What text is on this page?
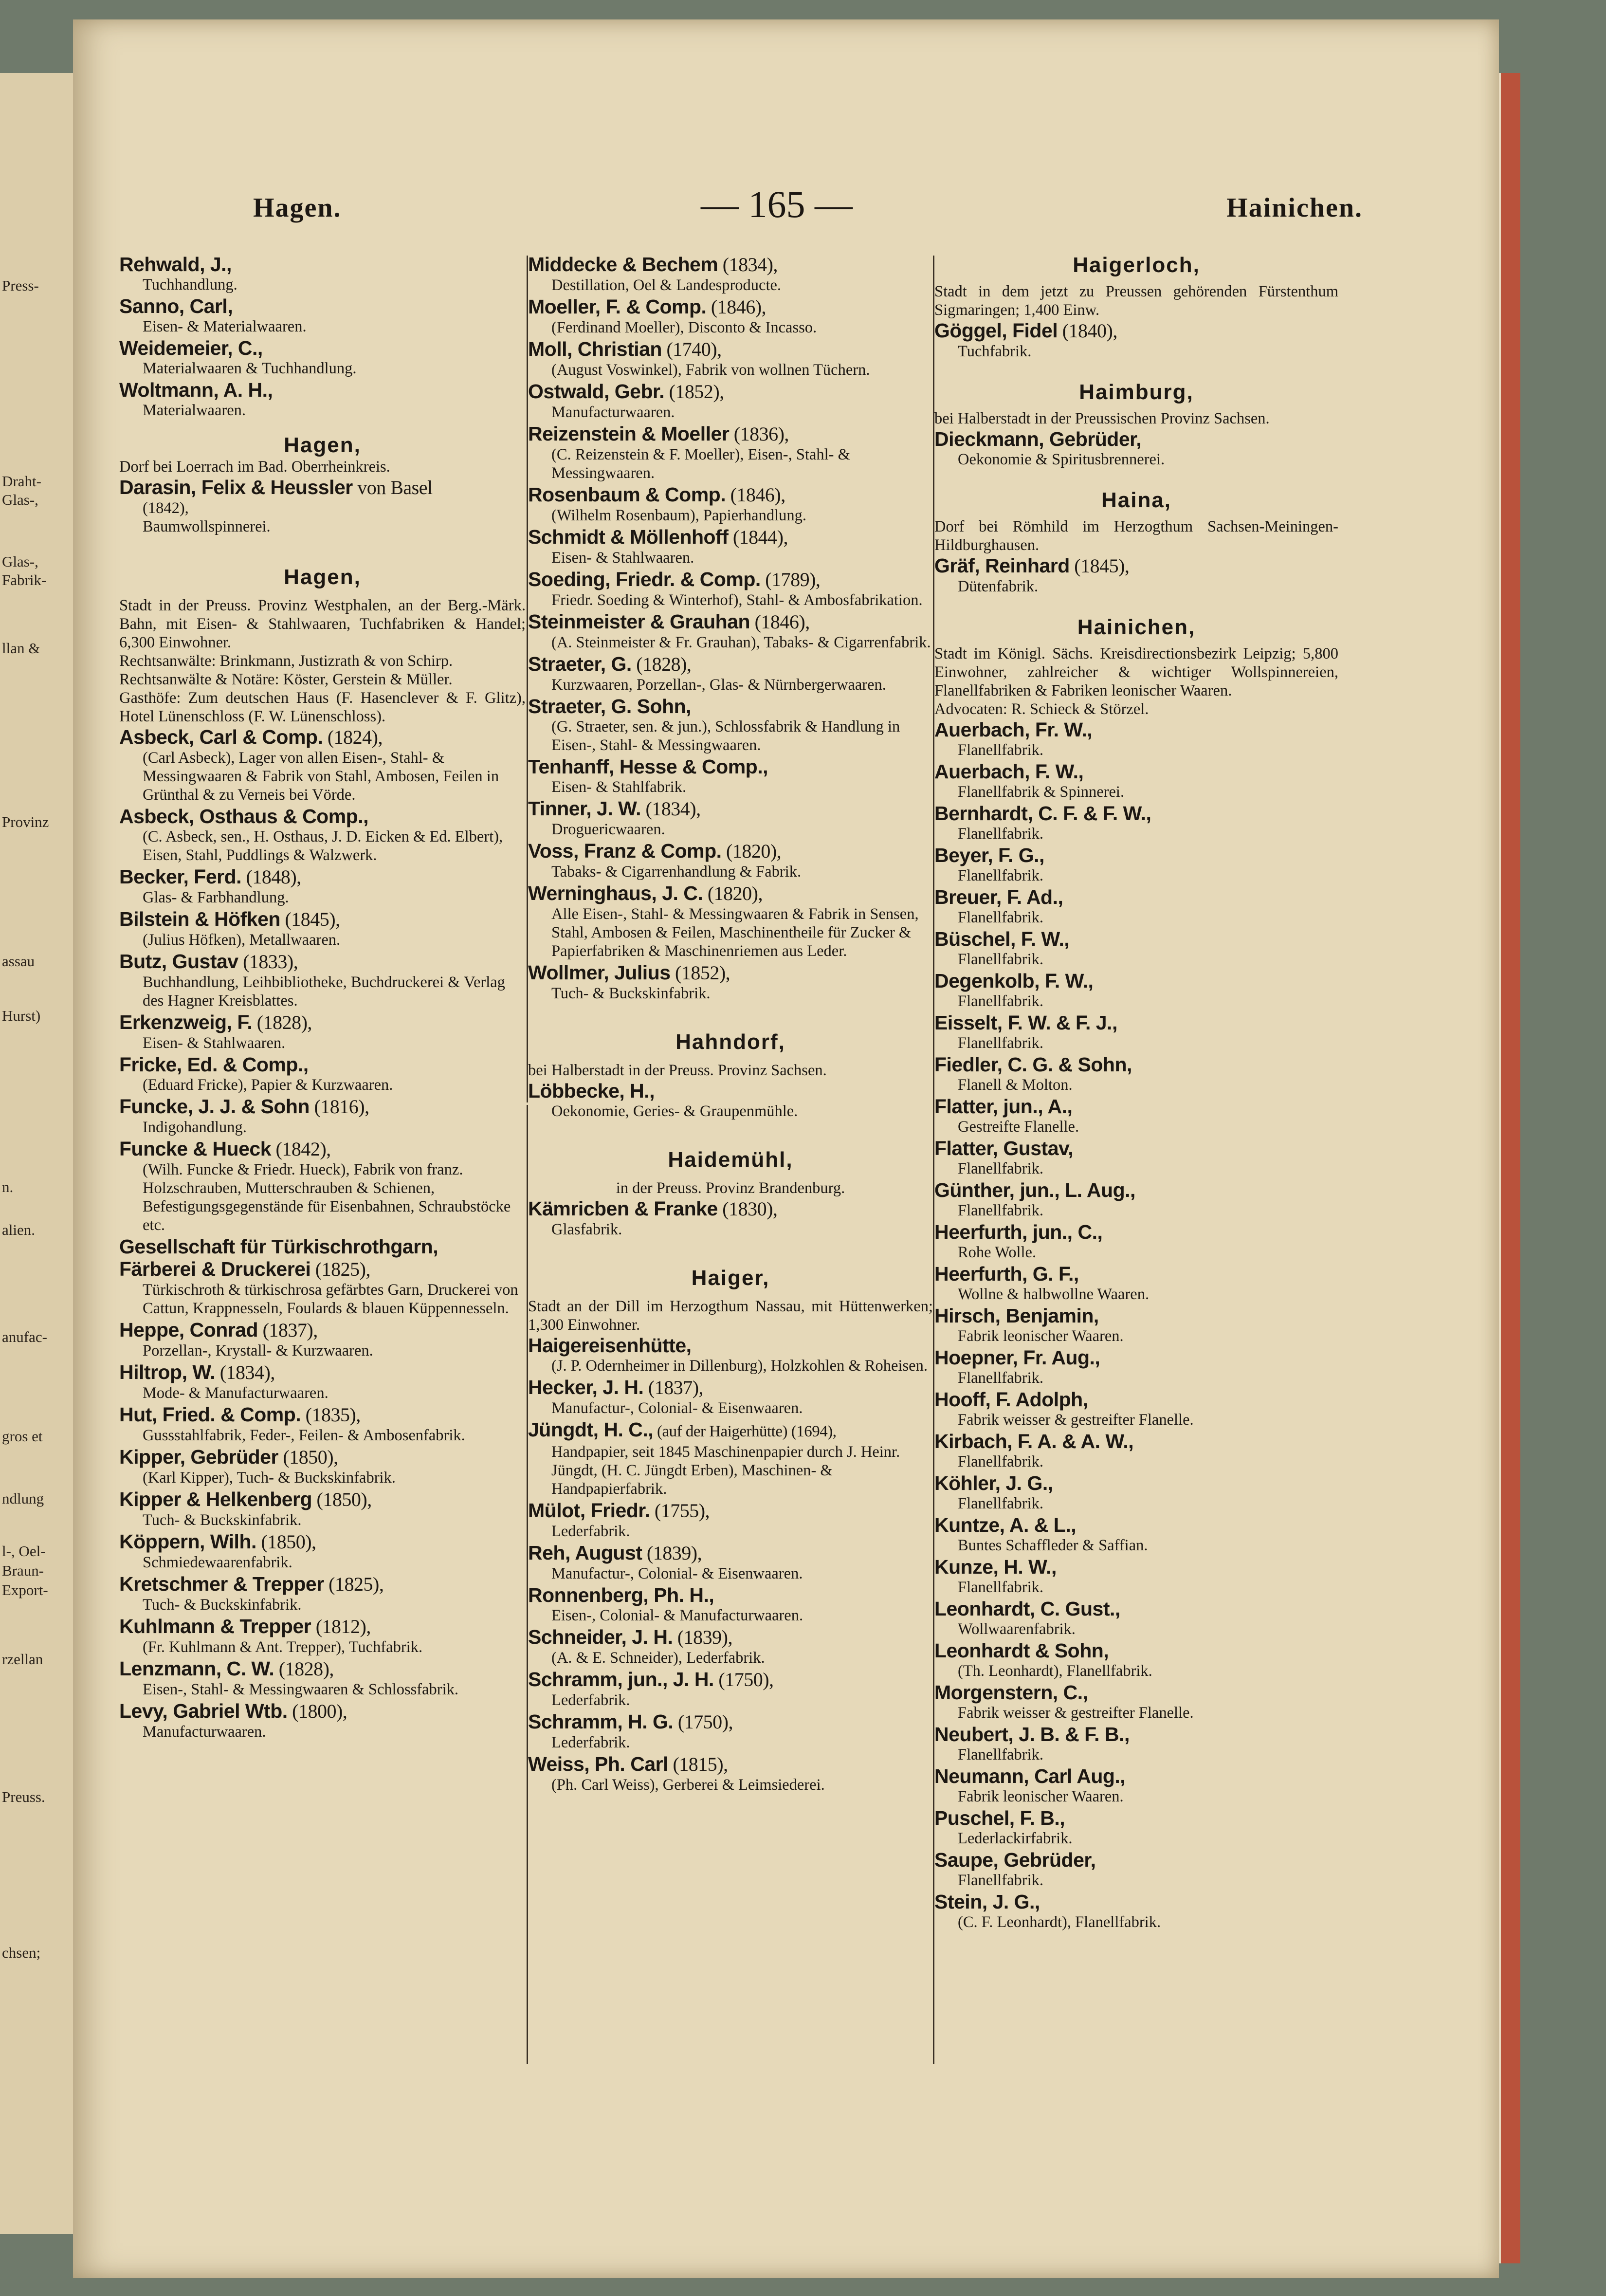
Press-
Draht-
Glas-,
Glas-,
Fabrik-
llan &
Provinz
assau
Hurst)
n.
alien.
anufac-
gros et
ndlung
l-, Oel-
Braun-
Export-
rzellan
Preuss.
chsen;
Hagen.	— 165 —	Hainichen.
Rehwald, J.,
Tuchhandlung.
Sanno, Carl,
Eisen- & Materialwaaren.
Weidemeier, C.,
Materialwaaren & Tuchhandlung.
Woltmann, A. H.,
Materialwaaren.
Hagen,
Dorf bei Loerrach im Bad. Oberrheinkreis.
Darasin, Felix & Heussler von Basel
(1842),
Baumwollspinnerei.
Hagen,
Stadt in der Preuss. Provinz Westphalen, an der Berg.-Märk. Bahn, mit Eisen- & Stahlwaaren, Tuchfabriken & Handel; 6,300 Einwohner.
Rechtsanwälte: Brinkmann, Justizrath & von Schirp.
Rechtsanwälte & Notäre: Köster, Gerstein & Müller.
Gasthöfe: Zum deutschen Haus (F. Hasenclever & F. Glitz), Hotel Lünenschloss (F. W. Lünenschloss).
Asbeck, Carl & Comp. (1824),
(Carl Asbeck), Lager von allen Eisen-, Stahl- & Messingwaaren & Fabrik von Stahl, Ambosen, Feilen in Grünthal & zu Verneis bei Vörde.
Asbeck, Osthaus & Comp.,
(C. Asbeck, sen., H. Osthaus, J. D. Eicken & Ed. Elbert), Eisen, Stahl, Puddlings & Walzwerk.
Becker, Ferd. (1848),
Glas- & Farbhandlung.
Bilstein & Höfken (1845),
(Julius Höfken), Metallwaaren.
Butz, Gustav (1833),
Buchhandlung, Leihbibliotheke, Buchdruckerei & Verlag des Hagner Kreisblattes.
Erkenzweig, F. (1828),
Eisen- & Stahlwaaren.
Fricke, Ed. & Comp.,
(Eduard Fricke), Papier & Kurzwaaren.
Funcke, J. J. & Sohn (1816),
Indigohandlung.
Funcke & Hueck (1842),
(Wilh. Funcke & Friedr. Hueck), Fabrik von franz. Holzschrauben, Mutterschrauben & Schienen, Befestigungsgegenstände für Eisenbahnen, Schraubstöcke etc.
Gesellschaft für Türkischrothgarn,
Färberei & Druckerei (1825),
Türkischroth & türkischrosa gefärbtes Garn, Druckerei von Cattun, Krappnesseln, Foulards & blauen Küppennesseln.
Heppe, Conrad (1837),
Porzellan-, Krystall- & Kurzwaaren.
Hiltrop, W. (1834),
Mode- & Manufacturwaaren.
Hut, Fried. & Comp. (1835),
Gussstahlfabrik, Feder-, Feilen- & Ambosenfabrik.
Kipper, Gebrüder (1850),
(Karl Kipper), Tuch- & Buckskinfabrik.
Kipper & Helkenberg (1850),
Tuch- & Buckskinfabrik.
Köppern, Wilh. (1850),
Schmiedewaarenfabrik.
Kretschmer & Trepper (1825),
Tuch- & Buckskinfabrik.
Kuhlmann & Trepper (1812),
(Fr. Kuhlmann & Ant. Trepper), Tuchfabrik.
Lenzmann, C. W. (1828),
Eisen-, Stahl- & Messingwaaren & Schlossfabrik.
Levy, Gabriel Wtb. (1800),
Manufacturwaaren.
Middecke & Bechem (1834),
Destillation, Oel & Landesproducte.
Moeller, F. & Comp. (1846),
(Ferdinand Moeller), Disconto & Incasso.
Moll, Christian (1740),
(August Voswinkel), Fabrik von wollnen Tüchern.
Ostwald, Gebr. (1852),
Manufacturwaaren.
Reizenstein & Moeller (1836),
(C. Reizenstein & F. Moeller), Eisen-, Stahl- & Messingwaaren.
Rosenbaum & Comp. (1846),
(Wilhelm Rosenbaum), Papierhandlung.
Schmidt & Möllenhoff (1844),
Eisen- & Stahlwaaren.
Soeding, Friedr. & Comp. (1789),
Friedr. Soeding & Winterhof), Stahl- & Ambosfabrikation.
Steinmeister & Grauhan (1846),
(A. Steinmeister & Fr. Grauhan), Tabaks- & Cigarrenfabrik.
Straeter, G. (1828),
Kurzwaaren, Porzellan-, Glas- & Nürnbergerwaaren.
Straeter, G. Sohn,
(G. Straeter, sen. & jun.), Schlossfabrik & Handlung in Eisen-, Stahl- & Messingwaaren.
Tenhanff, Hesse & Comp.,
Eisen- & Stahlfabrik.
Tinner, J. W. (1834),
Droguericwaaren.
Voss, Franz & Comp. (1820),
Tabaks- & Cigarrenhandlung & Fabrik.
Werninghaus, J. C. (1820),
Alle Eisen-, Stahl- & Messingwaaren & Fabrik in Sensen, Stahl, Ambosen & Feilen, Maschinentheile für Zucker & Papierfabriken & Maschinenriemen aus Leder.
Wollmer, Julius (1852),
Tuch- & Buckskinfabrik.
Hahndorf,
bei Halberstadt in der Preuss. Provinz Sachsen.
Löbbecke, H.,
Oekonomie, Geries- & Graupenmühle.
Haidemühl,
in der Preuss. Provinz Brandenburg.
Kämricben & Franke (1830),
Glasfabrik.
Haiger,
Stadt an der Dill im Herzogthum Nassau, mit Hüttenwerken; 1,300 Einwohner.
Haigereisenhütte,
(J. P. Odernheimer in Dillenburg), Holzkohlen & Roheisen.
Hecker, J. H. (1837),
Manufactur-, Colonial- & Eisenwaaren.
Jüngdt, H. C., (auf der Haigerhütte) (1694),
Handpapier, seit 1845 Maschinenpapier durch J. Heinr. Jüngdt, (H. C. Jüngdt Erben), Maschinen- & Handpapierfabrik.
Mülot, Friedr. (1755),
Lederfabrik.
Reh, August (1839),
Manufactur-, Colonial- & Eisenwaaren.
Ronnenberg, Ph. H.,
Eisen-, Colonial- & Manufacturwaaren.
Schneider, J. H. (1839),
(A. & E. Schneider), Lederfabrik.
Schramm, jun., J. H. (1750),
Lederfabrik.
Schramm, H. G. (1750),
Lederfabrik.
Weiss, Ph. Carl (1815),
(Ph. Carl Weiss), Gerberei & Leimsiederei.
Haigerloch,
Stadt in dem jetzt zu Preussen gehörenden Fürstenthum Sigmaringen; 1,400 Einw.
Göggel, Fidel (1840),
Tuchfabrik.
Haimburg,
bei Halberstadt in der Preussischen Provinz Sachsen.
Dieckmann, Gebrüder,
Oekonomie & Spiritusbrennerei.
Haina,
Dorf bei Römhild im Herzogthum Sachsen-Meiningen-Hildburghausen.
Gräf, Reinhard (1845),
Dütenfabrik.
Hainichen,
Stadt im Königl. Sächs. Kreisdirectionsbezirk Leipzig; 5,800 Einwohner, zahlreicher & wichtiger Wollspinnereien, Flanellfabriken & Fabriken leonischer Waaren.
Advocaten: R. Schieck & Störzel.
Auerbach, Fr. W.,
Flanellfabrik.
Auerbach, F. W.,
Flanellfabrik & Spinnerei.
Bernhardt, C. F. & F. W.,
Flanellfabrik.
Beyer, F. G.,
Flanellfabrik.
Breuer, F. Ad.,
Flanellfabrik.
Büschel, F. W.,
Flanellfabrik.
Degenkolb, F. W.,
Flanellfabrik.
Eisselt, F. W. & F. J.,
Flanellfabrik.
Fiedler, C. G. & Sohn,
Flanell & Molton.
Flatter, jun., A.,
Gestreifte Flanelle.
Flatter, Gustav,
Flanellfabrik.
Günther, jun., L. Aug.,
Flanellfabrik.
Heerfurth, jun., C.,
Rohe Wolle.
Heerfurth, G. F.,
Wollne & halbwollne Waaren.
Hirsch, Benjamin,
Fabrik leonischer Waaren.
Hoepner, Fr. Aug.,
Flanellfabrik.
Hooff, F. Adolph,
Fabrik weisser & gestreifter Flanelle.
Kirbach, F. A. & A. W.,
Flanellfabrik.
Köhler, J. G.,
Flanellfabrik.
Kuntze, A. & L.,
Buntes Schaffleder & Saffian.
Kunze, H. W.,
Flanellfabrik.
Leonhardt, C. Gust.,
Wollwaarenfabrik.
Leonhardt & Sohn,
(Th. Leonhardt), Flanellfabrik.
Morgenstern, C.,
Fabrik weisser & gestreifter Flanelle.
Neubert, J. B. & F. B.,
Flanellfabrik.
Neumann, Carl Aug.,
Fabrik leonischer Waaren.
Puschel, F. B.,
Lederlackirfabrik.
Saupe, Gebrüder,
Flanellfabrik.
Stein, J. G.,
(C. F. Leonhardt), Flanellfabrik.
